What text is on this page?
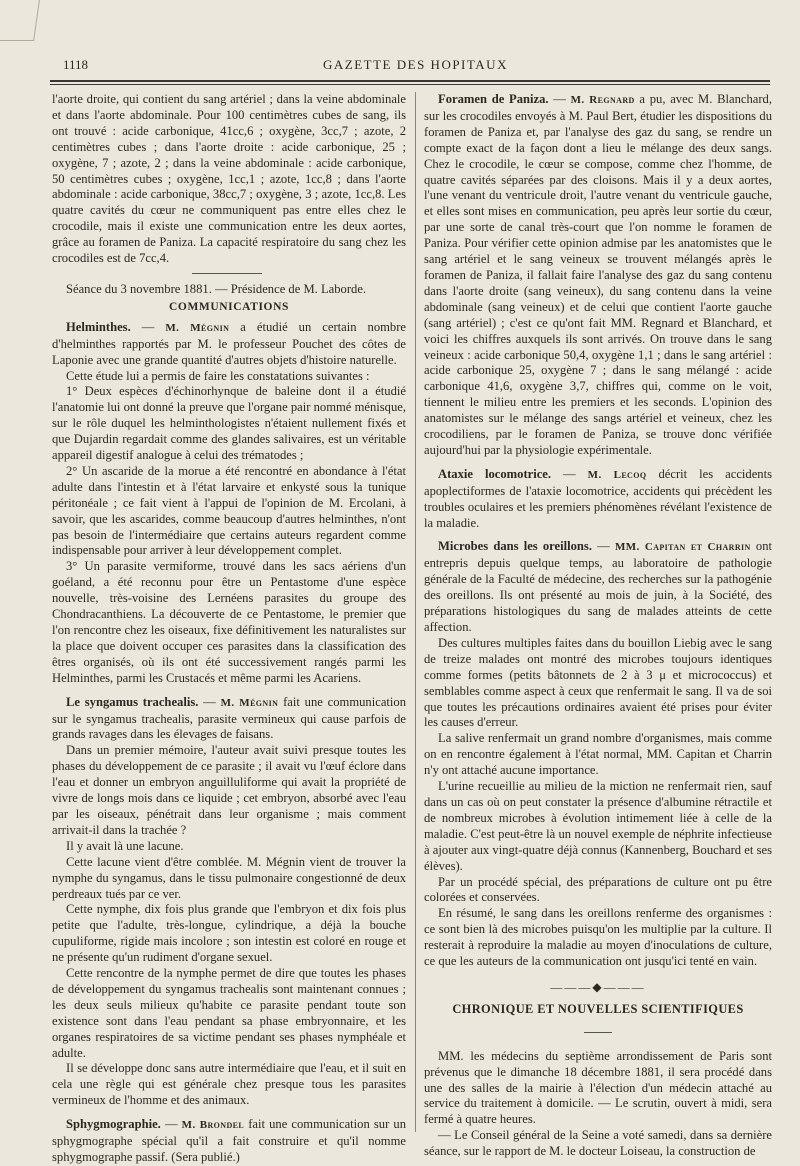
1118	GAZETTE DES HOPITAUX

l'aorte droite, qui contient du sang artériel ; dans la veine abdominale et dans l'aorte abdominale. Pour 100 centimètres cubes de sang, ils ont trouvé : acide carbonique, 41cc,6 ; oxygène, 3cc,7 ; azote, 2 centimètres cubes ; dans l'aorte droite : acide carbonique, 25 ; oxygène, 7 ; azote, 2 ; dans la veine abdominale : acide carbonique, 50 centimètres cubes ; oxygène, 1cc,1 ; azote, 1cc,8 ; dans l'aorte abdominale : acide carbonique, 38cc,7 ; oxygène, 3 ; azote, 1cc,8. Les quatre cavités du cœur ne communiquent pas entre elles chez le crocodile, mais il existe une communication entre les deux aortes, grâce au foramen de Paniza. La capacité respiratoire du sang chez les crocodiles est de 7cc,4.

Séance du 3 novembre 1881. — Présidence de M. Laborde.

COMMUNICATIONS

Helminthes. — M. Mégnin a étudié un certain nombre d'helminthes rapportés par M. le professeur Pouchet des côtes de Laponie avec une grande quantité d'autres objets d'histoire naturelle.

Cette étude lui a permis de faire les constatations suivantes :

1° Deux espèces d'échinorhynque de baleine dont il a étudié l'anatomie lui ont donné la preuve que l'organe pair nommé ménisque, sur le rôle duquel les helminthologistes n'étaient nullement fixés et que Dujardin regardait comme des glandes salivaires, est un véritable appareil digestif analogue à celui des trématodes ;

2° Un ascaride de la morue a été rencontré en abondance à l'état adulte dans l'intestin et à l'état larvaire et enkysté sous la tunique péritonéale ; ce fait vient à l'appui de l'opinion de M. Ercolani, à savoir, que les ascarides, comme beaucoup d'autres helminthes, n'ont pas besoin de l'intermédiaire que certains auteurs regardent comme indispensable pour arriver à leur développement complet.

3° Un parasite vermiforme, trouvé dans les sacs aériens d'un goéland, a été reconnu pour être un Pentastome d'une espèce nouvelle, très-voisine des Lernéens parasites du groupe des Chondracanthiens. La découverte de ce Pentastome, le premier que l'on rencontre chez les oiseaux, fixe définitivement les naturalistes sur la place que doivent occuper ces parasites dans la classification des êtres organisés, où ils ont été successivement rangés parmi les Helminthes, parmi les Crustacés et même parmi les Acariens.

Le syngamus trachealis. — M. Mégnin fait une communication sur le syngamus trachealis, parasite vermineux qui cause parfois de grands ravages dans les élevages de faisans.

Dans un premier mémoire, l'auteur avait suivi presque toutes les phases du développement de ce parasite ; il avait vu l'œuf éclore dans l'eau et donner un embryon anguilluliforme qui avait la propriété de vivre de longs mois dans ce liquide ; cet embryon, absorbé avec l'eau par les oiseaux, pénétrait dans leur organisme ; mais comment arrivait-il dans la trachée ?

Il y avait là une lacune.

Cette lacune vient d'être comblée. M. Mégnin vient de trouver la nymphe du syngamus, dans le tissu pulmonaire congestionné de deux perdreaux tués par ce ver.

Cette nymphe, dix fois plus grande que l'embryon et dix fois plus petite que l'adulte, très-longue, cylindrique, a déjà la bouche cupuliforme, rigide mais incolore ; son intestin est coloré en rouge et ne présente qu'un rudiment d'organe sexuel.

Cette rencontre de la nymphe permet de dire que toutes les phases de développement du syngamus trachealis sont maintenant connues ; les deux seuls milieux qu'habite ce parasite pendant toute son existence sont dans l'eau pendant sa phase embryonnaire, et les organes respiratoires de sa victime pendant ses phases nymphéale et adulte.

Il se développe donc sans autre intermédiaire que l'eau, et il suit en cela une règle qui est générale chez presque tous les parasites vermineux de l'homme et des animaux.

Sphygmographie. — M. Brondel fait une communication sur un sphygmographe spécial qu'il a fait construire et qu'il nomme sphygmographe passif. (Sera publié.)

Foramen de Paniza. — M. Regnard a pu, avec M. Blanchard, sur les crocodiles envoyés à M. Paul Bert, étudier les dispositions du foramen de Paniza et, par l'analyse des gaz du sang, se rendre un compte exact de la façon dont a lieu le mélange des deux sangs. Chez le crocodile, le cœur se compose, comme chez l'homme, de quatre cavités séparées par des cloisons. Mais il y a deux aortes, l'une venant du ventricule droit, l'autre venant du ventricule gauche, et elles sont mises en communication, peu après leur sortie du cœur, par une sorte de canal très-court que l'on nomme le foramen de Paniza. Pour vérifier cette opinion admise par les anatomistes que le sang artériel et le sang veineux se trouvent mélangés après le foramen de Paniza, il fallait faire l'analyse des gaz du sang contenu dans l'aorte droite (sang veineux), du sang contenu dans la veine abdominale (sang veineux) et de celui que contient l'aorte gauche (sang artériel) ; c'est ce qu'ont fait MM. Regnard et Blanchard, et voici les chiffres auxquels ils sont arrivés. On trouve dans le sang veineux : acide carbonique 50,4, oxygène 1,1 ; dans le sang artériel : acide carbonique 25, oxygène 7 ; dans le sang mélangé : acide carbonique 41,6, oxygène 3,7, chiffres qui, comme on le voit, tiennent le milieu entre les premiers et les seconds. L'opinion des anatomistes sur le mélange des sangs artériel et veineux, chez les crocodiliens, par le foramen de Paniza, se trouve donc vérifiée aujourd'hui par la physiologie expérimentale.

Ataxie locomotrice. — M. Lecoq décrit les accidents apoplectiformes de l'ataxie locomotrice, accidents qui précèdent les troubles oculaires et les premiers phénomènes révélant l'existence de la maladie.

Microbes dans les oreillons. — MM. Capitan et Charrin ont entrepris depuis quelque temps, au laboratoire de pathologie générale de la Faculté de médecine, des recherches sur la pathogénie des oreillons. Ils ont présenté au mois de juin, à la Société, des préparations histologiques du sang de malades atteints de cette affection.

Des cultures multiples faites dans du bouillon Liebig avec le sang de treize malades ont montré des microbes toujours identiques comme formes (petits bâtonnets de 2 à 3 μ et micrococcus) et semblables comme aspect à ceux que renfermait le sang. Il va de soi que toutes les précautions ordinaires avaient été prises pour éviter les causes d'erreur.

La salive renfermait un grand nombre d'organismes, mais comme on en rencontre également à l'état normal, MM. Capitan et Charrin n'y ont attaché aucune importance.

L'urine recueillie au milieu de la miction ne renfermait rien, sauf dans un cas où on peut constater la présence d'albumine rétractile et de nombreux microbes à évolution intimement liée à celle de la maladie. C'est peut-être là un nouvel exemple de néphrite infectieuse à ajouter aux vingt-quatre déjà connus (Kannenberg, Bouchard et ses élèves).

Par un procédé spécial, des préparations de culture ont pu être colorées et conservées.

En résumé, le sang dans les oreillons renferme des organismes : ce sont bien là des microbes puisqu'on les multiplie par la culture. Il resterait à reproduire la maladie au moyen d'inoculations de culture, ce que les auteurs de la communication ont jusqu'ici tenté en vain.

———◆———
CHRONIQUE ET NOUVELLES SCIENTIFIQUES

MM. les médecins du septième arrondissement de Paris sont prévenus que le dimanche 18 décembre 1881, il sera procédé dans une des salles de la mairie à l'élection d'un médecin attaché au service du traitement à domicile. — Le scrutin, ouvert à midi, sera fermé à quatre heures.

— Le Conseil général de la Seine a voté samedi, dans sa dernière séance, sur le rapport de M. le docteur Loiseau, la construction de
